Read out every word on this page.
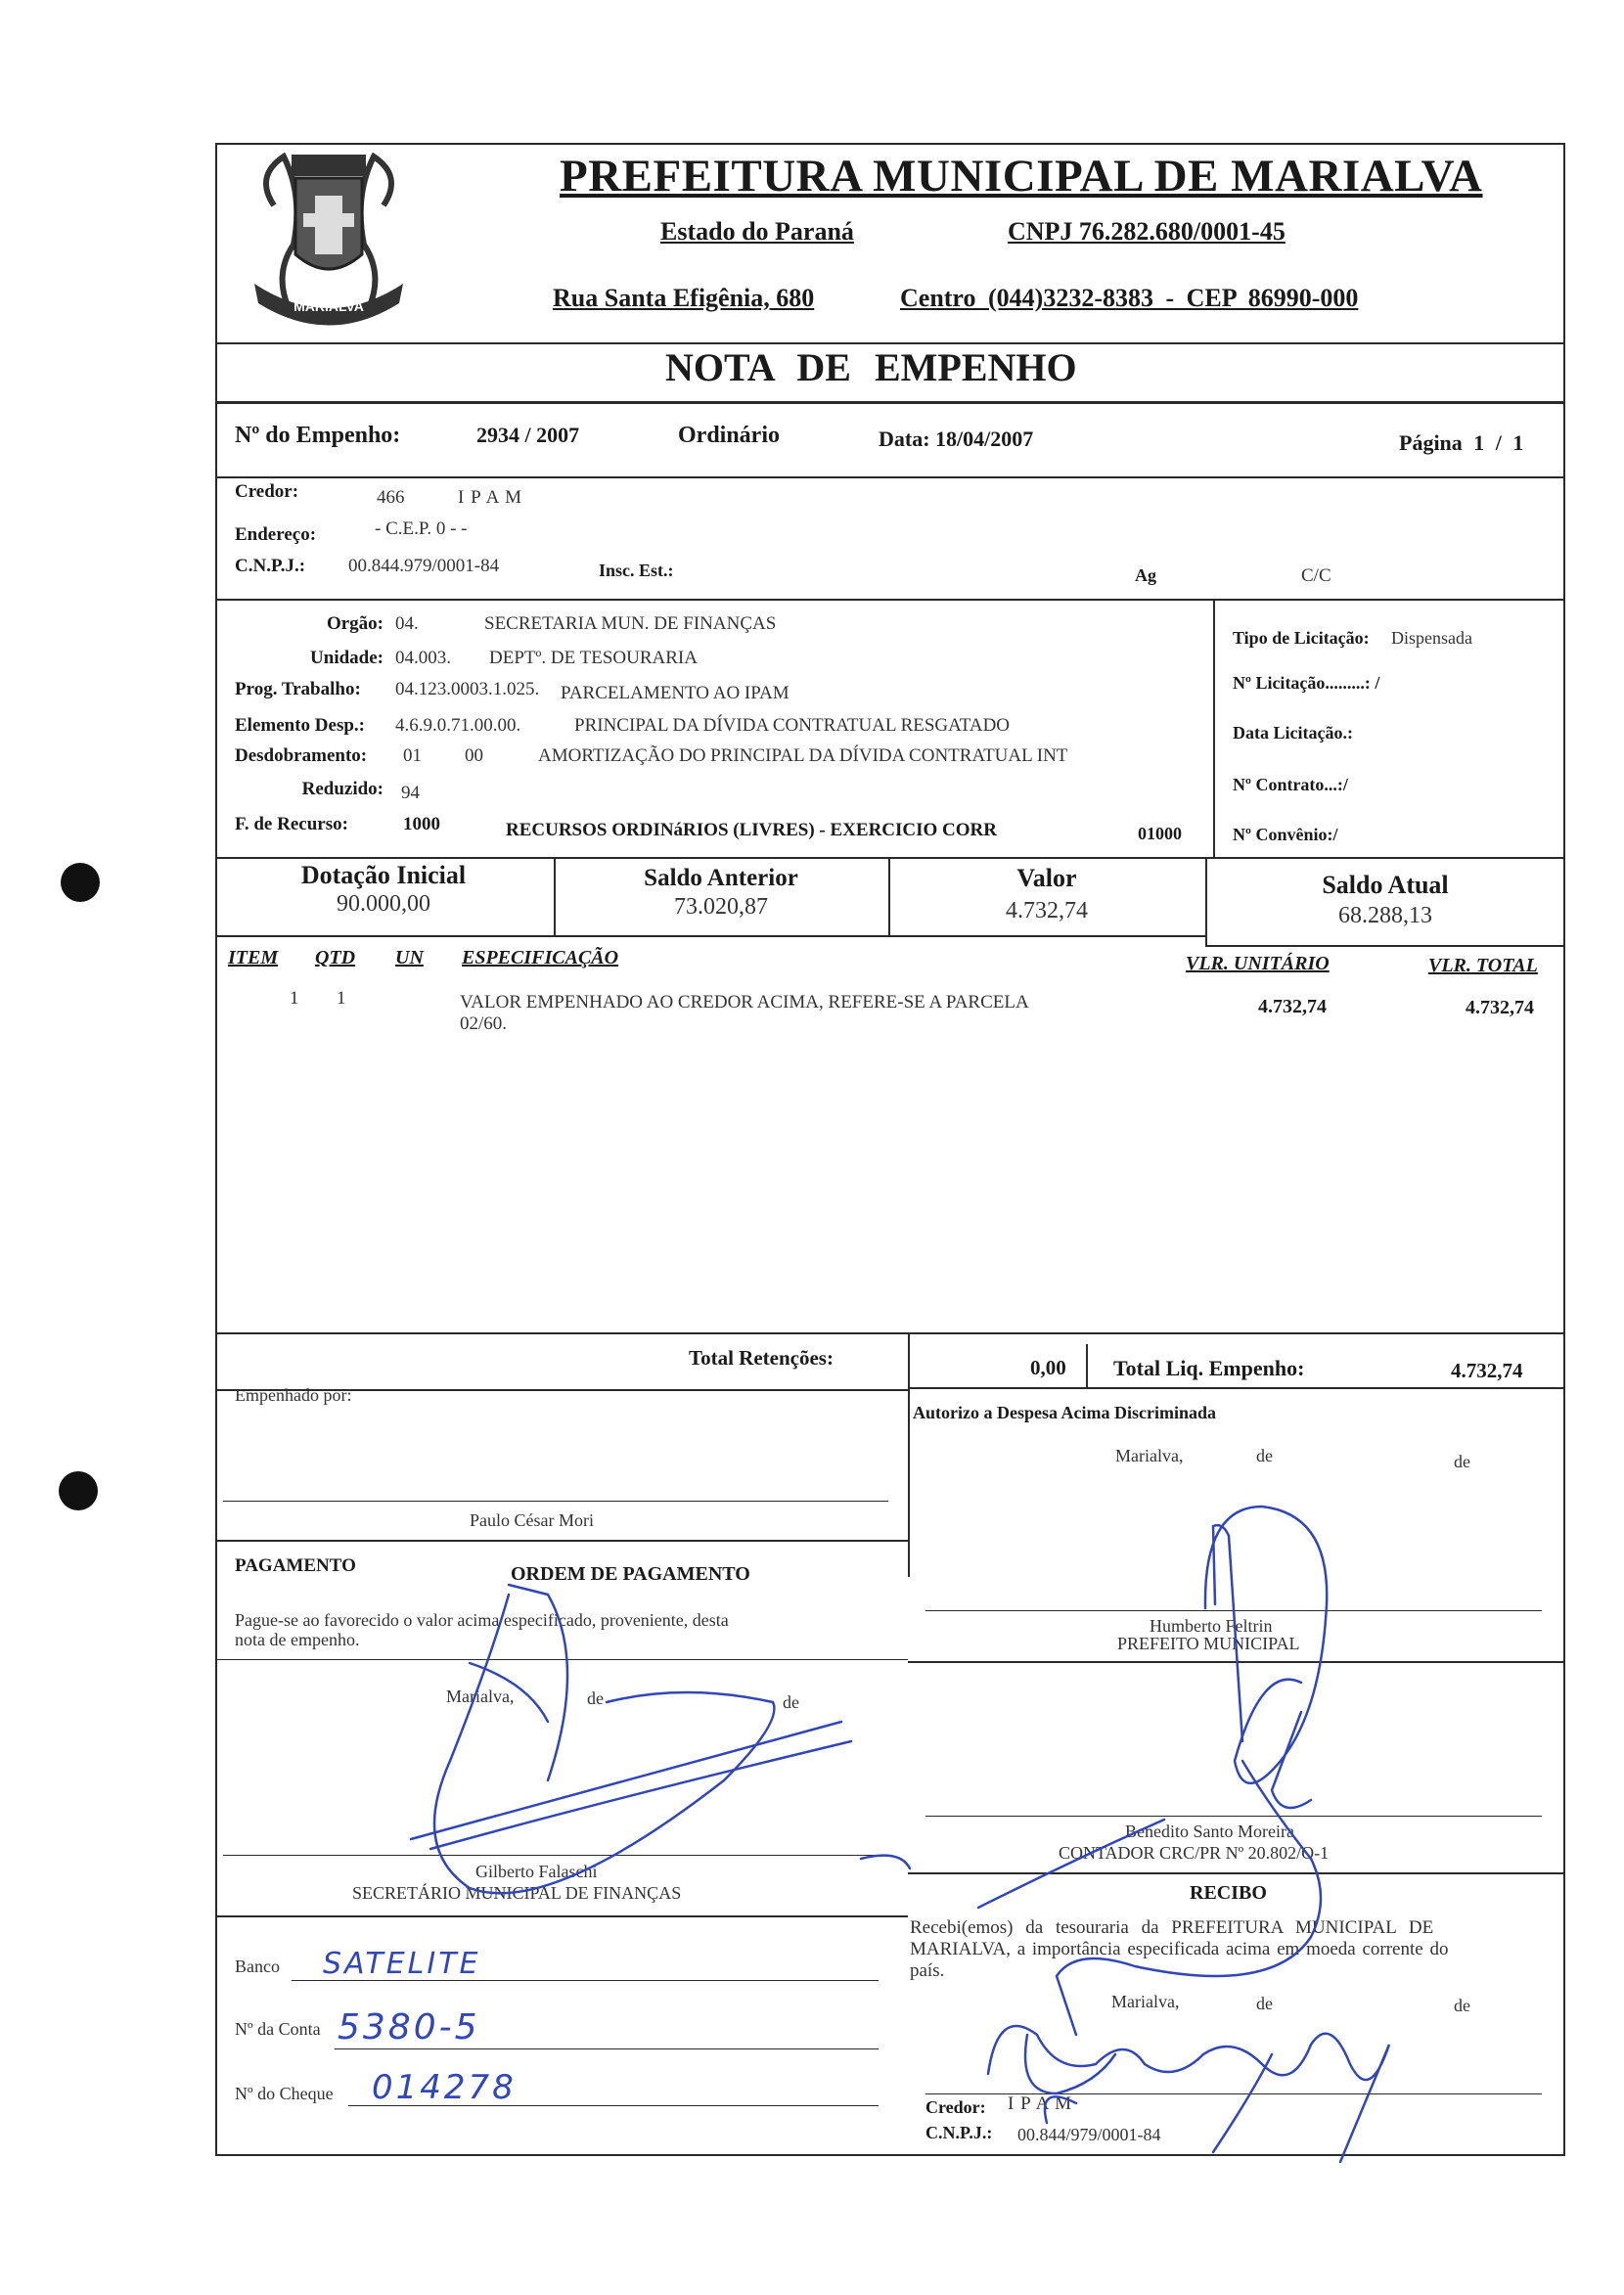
MARIALVA
PREFEITURA MUNICIPAL DE MARIALVA
Estado do Paraná	CNPJ 76.282.680/0001-45
Rua Santa Efigênia, 680	Centro (044)3232-8383 - CEP 86990-000
NOTA DE EMPENHO
Nº do Empenho:	2934 / 2007	Ordinário	Data: 18/04/2007	Página 1 / 1
Credor:	466	I P A M
Endereço:	- C.E.P. 0 - -
C.N.P.J.: 00.844.979/0001-84	Insc. Est.:	Ag	C/C
Orgão: 04.	SECRETARIA MUN. DE FINANÇAS
Unidade: 04.003. DEPTº. DE TESOURARIA
Prog. Trabalho: 04.123.0003.1.025. PARCELAMENTO AO IPAM
Elemento Desp.: 4.6.9.0.71.00.00.	PRINCIPAL DA DÍVIDA CONTRATUAL RESGATADO
Desdobramento: 01 00	AMORTIZAÇÃO DO PRINCIPAL DA DÍVIDA CONTRATUAL INT
Reduzido: 94
F. de Recurso:	1000	RECURSOS ORDINáRIOS (LIVRES) - EXERCICIO CORR	01000
Tipo de Licitação: Dispensada
Nº Licitação.........: /
Data Licitação.:
Nº Contrato...:/
Nº Convênio:/
Dotação Inicial
90.000,00
Saldo Anterior
73.020,87
Valor
4.732,74
Saldo Atual
68.288,13
ITEM QTD UN ESPECIFICAÇÃO	VLR. UNITÁRIO	VLR. TOTAL
1 1	VALOR EMPENHADO AO CREDOR ACIMA, REFERE-SE A PARCELA
02/60.
4.732,74	4.732,74
Total Retenções:	0,00 Total Liq. Empenho:	4.732,74
Empenhado por:
Paulo César Mori
Autorizo a Despesa Acima Discriminada
Marialva,	de	de
PAGAMENTO	ORDEM DE PAGAMENTO
Pague-se ao favorecido o valor acima especificado, proveniente, desta
nota de empenho.
Marialva,	de	de
Gilberto Falaschi
SECRETÁRIO MUNICIPAL DE FINANÇAS
Banco SATELITE
Nº da Conta 5380-5
Nº do Cheque 014278
Humberto Feltrin
PREFEITO MUNICIPAL
Benedito Santo Moreira
CONTADOR CRC/PR Nº 20.802/O-1
RECIBO
Recebi(emos) da tesouraria da PREFEITURA MUNICIPAL DE
MARIALVA, a importância especificada acima em moeda corrente do
país.
Marialva,	de	de
Credor: I P A M
C.N.P.J.: 00.844/979/0001-84
